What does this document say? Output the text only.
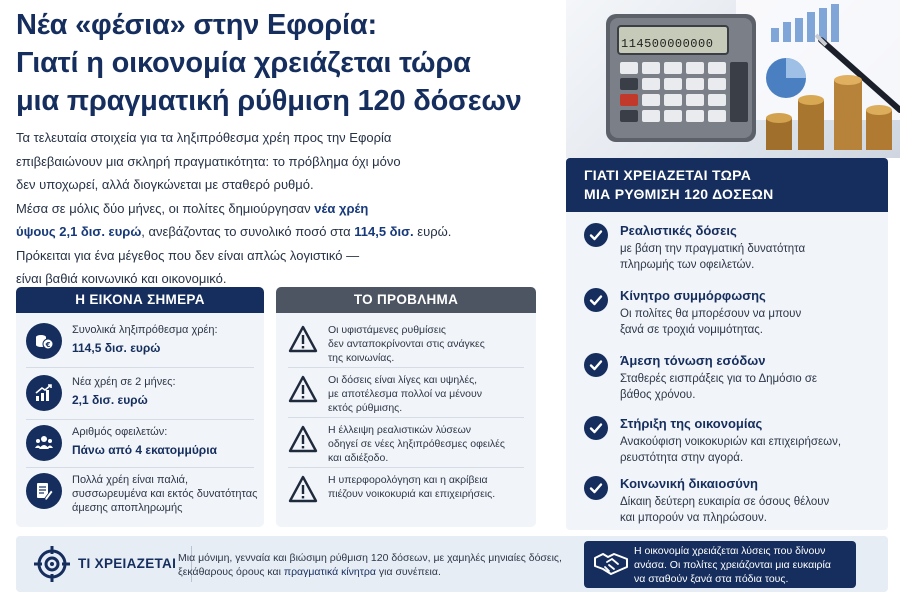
Νέα «φέσια» στην Εφορία:
Γιατί η οικονομία χρειάζεται τώρα
μια πραγματική ρύθμιση 120 δόσεων
Τα τελευταία στοιχεία για τα ληξιπρόθεσμα χρέη προς την Εφορία
επιβεβαιώνουν μια σκληρή πραγματικότητα: το πρόβλημα όχι μόνο
δεν υποχωρεί, αλλά διογκώνεται με σταθερό ρυθμό.
Μέσα σε μόλις δύο μήνες, οι πολίτες δημιούργησαν νέα χρέη
ύψους 2,1 δισ. ευρώ, ανεβάζοντας το συνολικό ποσό στα 114,5 δισ. ευρώ.
Πρόκειται για ένα μέγεθος που δεν είναι απλώς λογιστικό —
είναι βαθιά κοινωνικό και οικονομικό.
114500000000
ΓΙΑΤΙ ΧΡΕΙΑΖΕΤΑΙ ΤΩΡΑ
ΜΙΑ ΡΥΘΜΙΣΗ 120 ΔΟΣΕΩΝ
Ρεαλιστικές δόσεις
με βάση την πραγματική δυνατότητα
πληρωμής των οφειλετών.
Κίνητρο συμμόρφωσης
Οι πολίτες θα μπορέσουν να μπουν
ξανά σε τροχιά νομιμότητας.
Άμεση τόνωση εσόδων
Σταθερές εισπράξεις για το Δημόσιο σε
βάθος χρόνου.
Στήριξη της οικονομίας
Ανακούφιση νοικοκυριών και επιχειρήσεων,
ρευστότητα στην αγορά.
Κοινωνική δικαιοσύνη
Δίκαιη δεύτερη ευκαιρία σε όσους θέλουν
και μπορούν να πληρώσουν.
Η ΕΙΚΟΝΑ ΣΗΜΕΡΑ
€
Συνολικά ληξιπρόθεσμα χρέη:
114,5 δισ. ευρώ
Νέα χρέη σε 2 μήνες:
2,1 δισ. ευρώ
Αριθμός οφειλετών:
Πάνω από 4 εκατομμύρια
Πολλά χρέη είναι παλιά,
συσσωρευμένα και εκτός δυνατότητας
άμεσης αποπληρωμής
ΤΟ ΠΡΟΒΛΗΜΑ
Οι υφιστάμενες ρυθμίσεις
δεν ανταποκρίνονται στις ανάγκες
της κοινωνίας.
Οι δόσεις είναι λίγες και υψηλές,
με αποτέλεσμα πολλοί να μένουν
εκτός ρύθμισης.
Η έλλειψη ρεαλιστικών λύσεων
οδηγεί σε νέες ληξιπρόθεσμες οφειλές
και αδιέξοδο.
Η υπερφορολόγηση και η ακρίβεια
πιέζουν νοικοκυριά και επιχειρήσεις.
ΤΙ ΧΡΕΙΑΖΕΤΑΙ Μια μόνιμη, γενναία και βιώσιμη ρύθμιση 120 δόσεων, με χαμηλές μηνιαίες δόσεις,
ξεκάθαρους όρους και πραγματικά κίνητρα για συνέπεια.
Η οικονομία χρειάζεται λύσεις που δίνουν
ανάσα. Οι πολίτες χρειάζονται μια ευκαιρία
να σταθούν ξανά στα πόδια τους.
